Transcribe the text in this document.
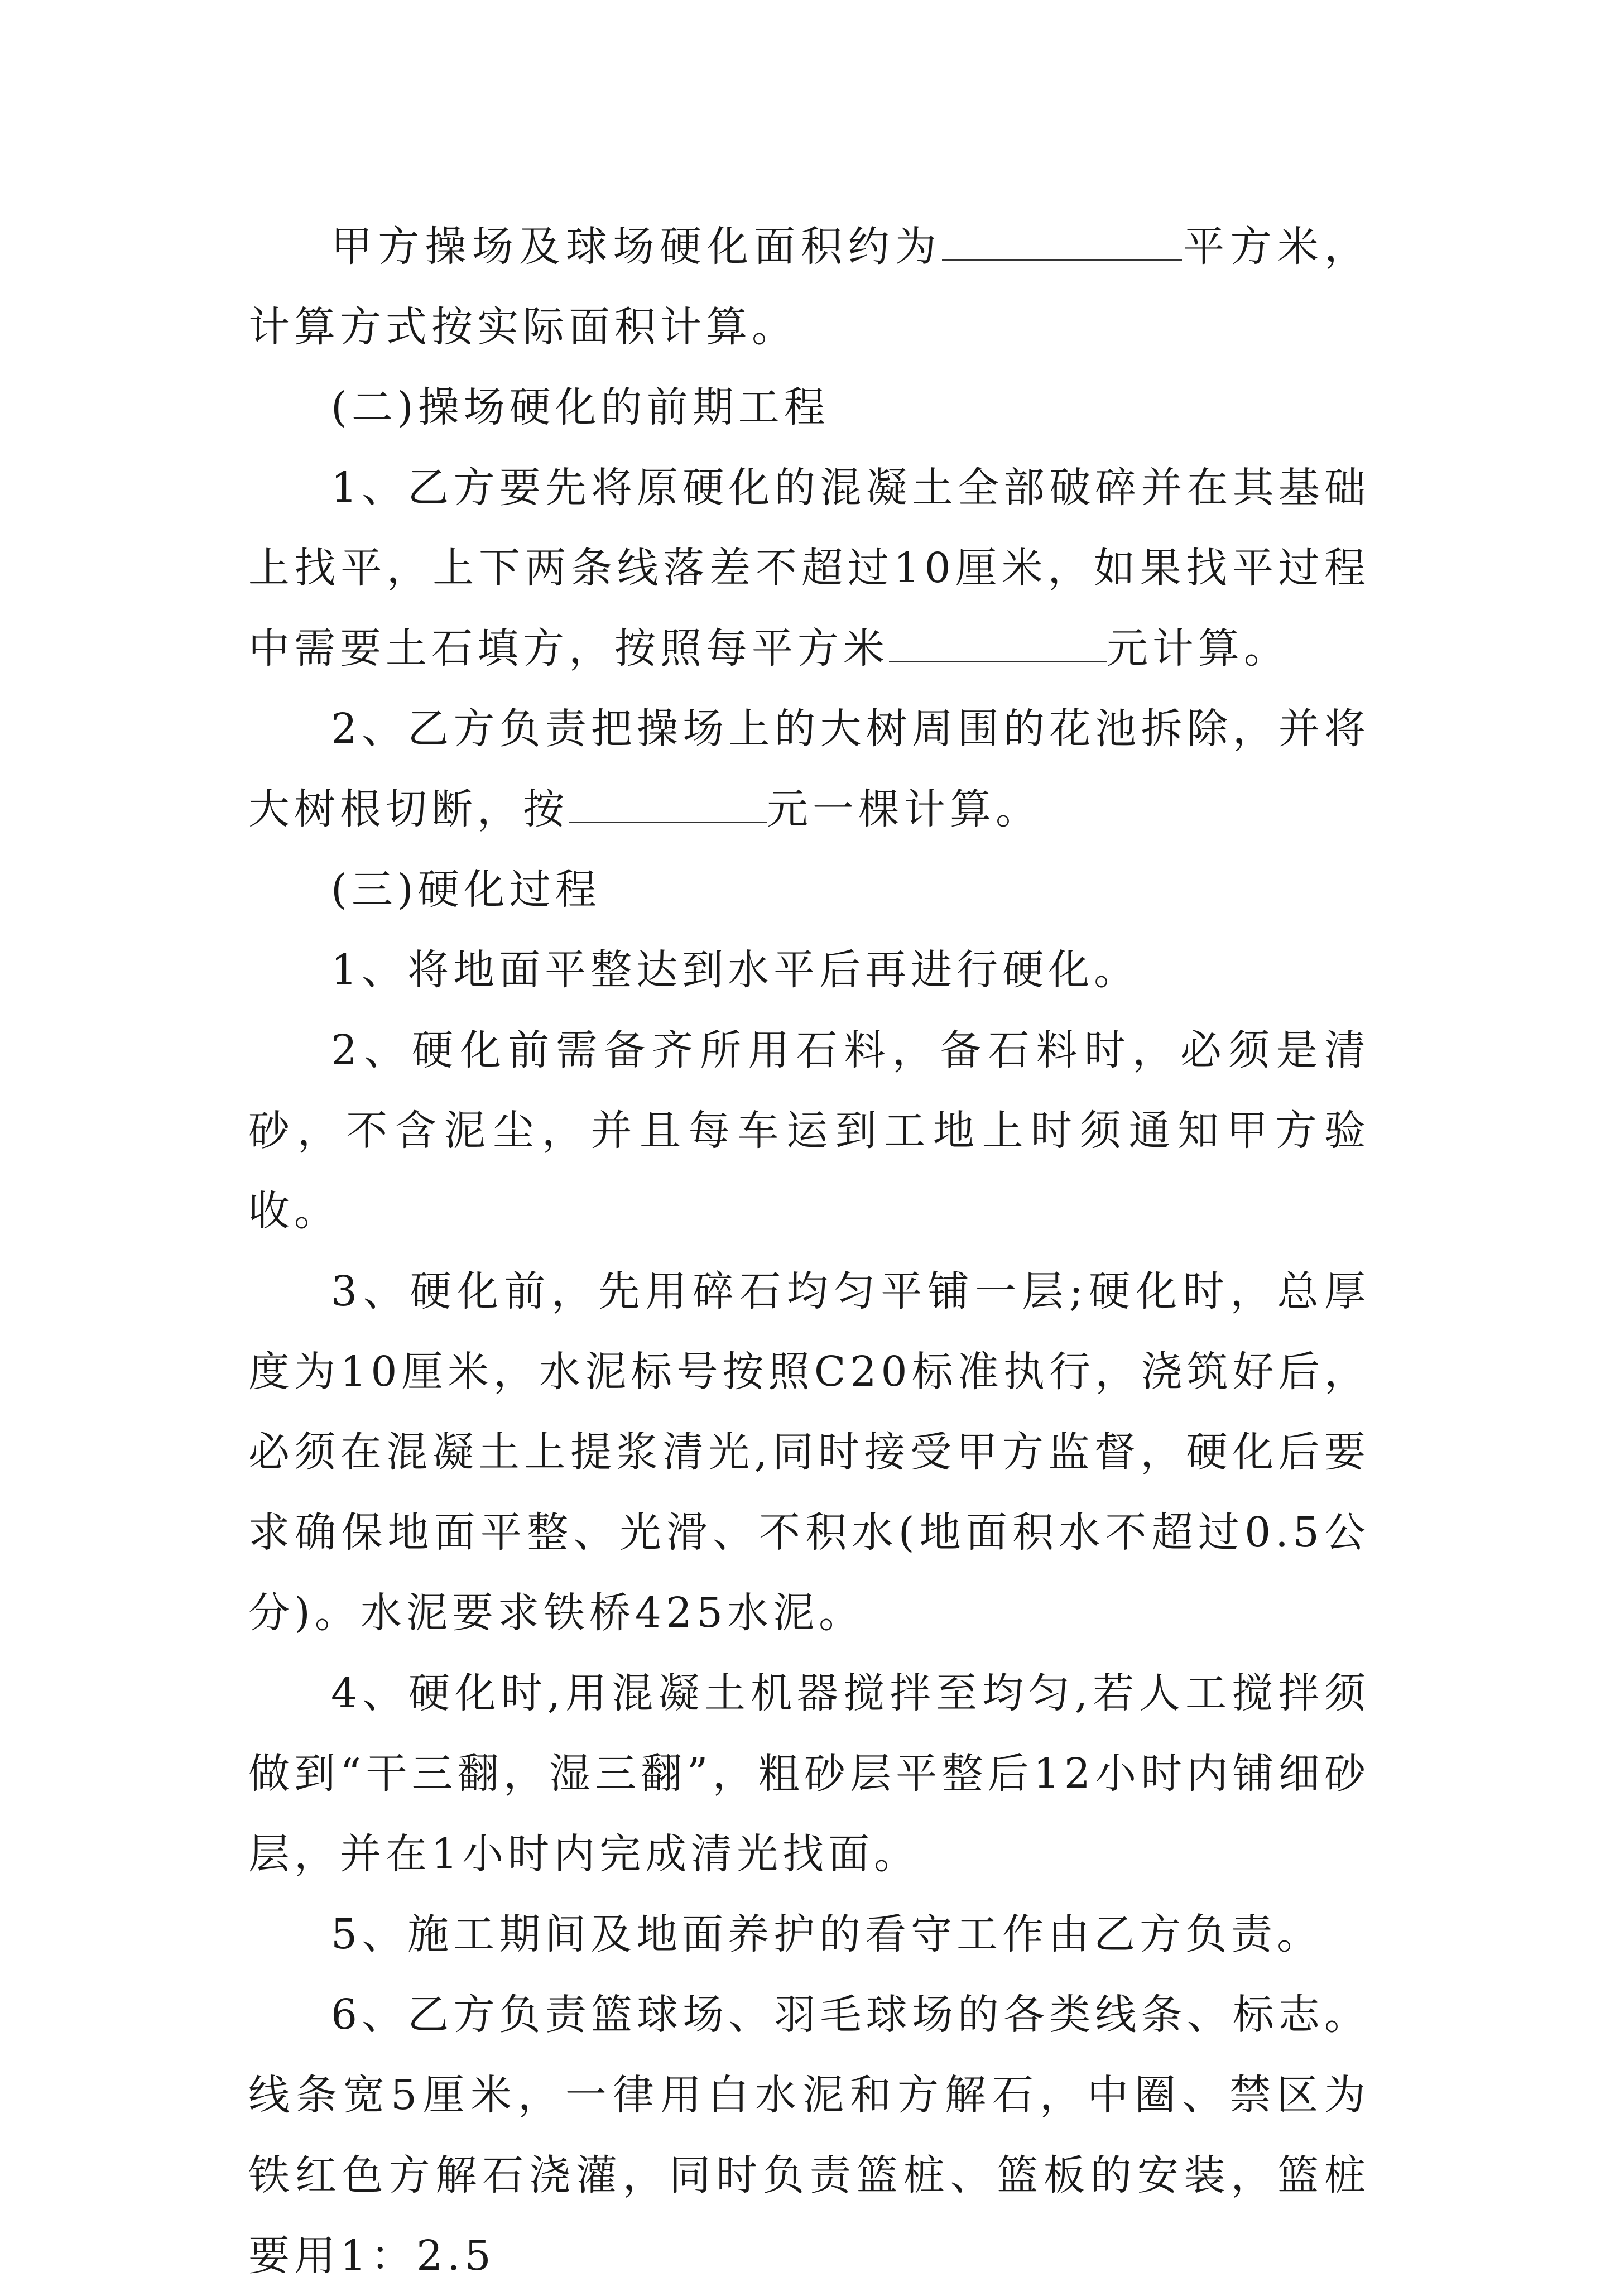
甲方操场及球场硬化面积约为	平方米，计算方式按实际面积计算。

(二)操场硬化的前期工程

1、乙方要先将原硬化的混凝土全部破碎并在其基础上找平，上下两条线落差不超过10厘米，如果找平过程中需要土石填方，按照每平方米	元计算。

2、乙方负责把操场上的大树周围的花池拆除，并将大树根切断，按	元一棵计算。

(三)硬化过程

1、将地面平整达到水平后再进行硬化。

2、硬化前需备齐所用石料，备石料时，必须是清砂，不含泥尘，并且每车运到工地上时须通知甲方验收。

3、硬化前，先用碎石均匀平铺一层;硬化时，总厚度为10厘米，水泥标号按照C20标准执行，浇筑好后，必须在混凝土上提浆清光,同时接受甲方监督，硬化后要求确保地面平整、光滑、不积水(地面积水不超过0.5公分)。水泥要求铁桥425水泥。

4、硬化时,用混凝土机器搅拌至均匀,若人工搅拌须做到“干三翻，湿三翻”，粗砂层平整后12小时内铺细砂层，并在1小时内完成清光找面。

5、施工期间及地面养护的看守工作由乙方负责。

6、乙方负责篮球场、羽毛球场的各类线条、标志。线条宽5厘米，一律用白水泥和方解石，中圈、禁区为铁红色方解石浇灌，同时负责篮桩、篮板的安装，篮桩要用1：2.5
